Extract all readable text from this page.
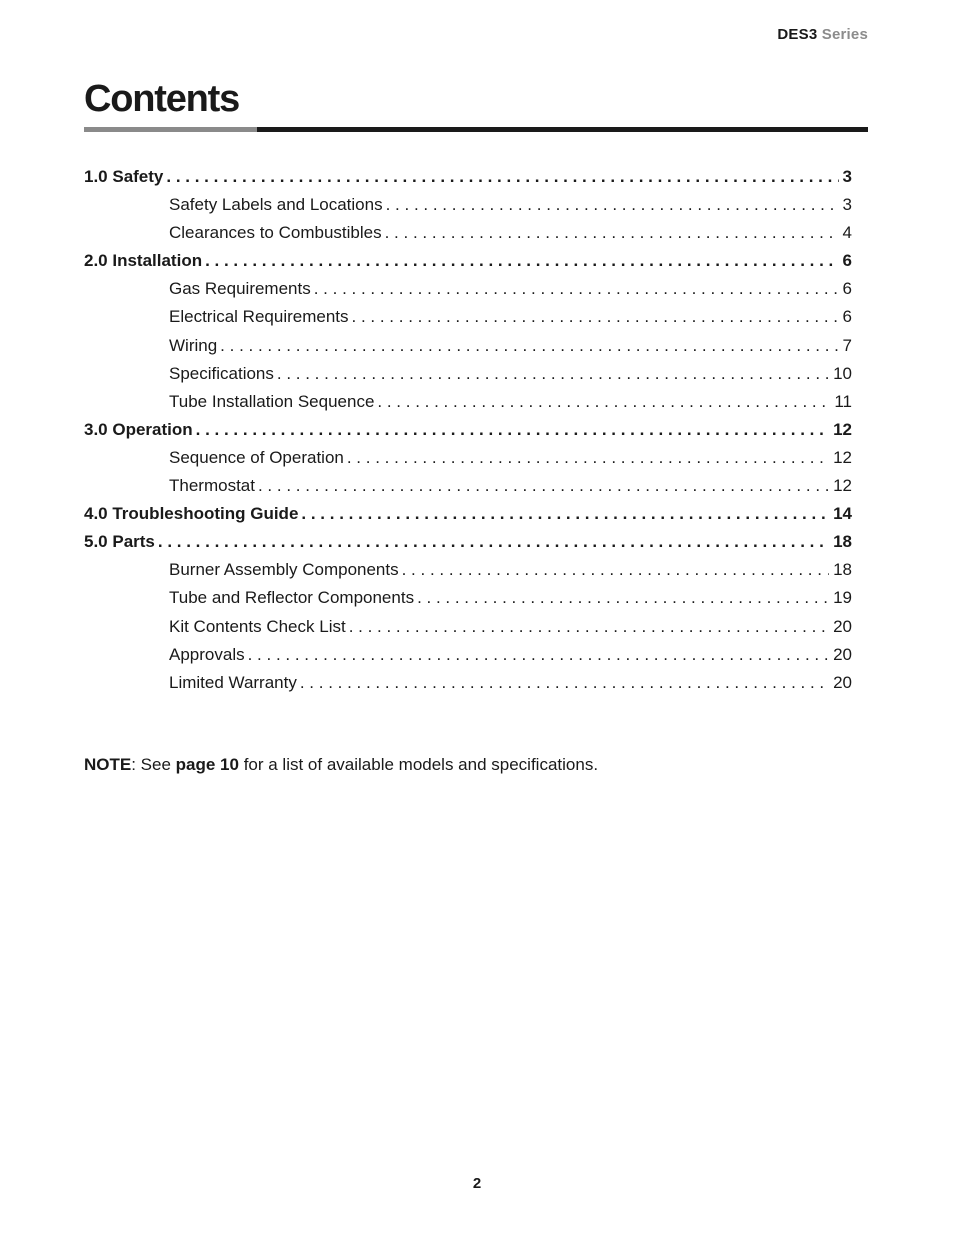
DES3 Series
Contents
1.0 Safety . . .	3
Safety Labels and Locations . . .	3
Clearances to Combustibles . . .	4
2.0 Installation . . .	6
Gas Requirements . . .	6
Electrical Requirements . . .	6
Wiring . . .	7
Specifications . . .	10
Tube Installation Sequence . . .	11
3.0 Operation . . .	12
Sequence of Operation . . .	12
Thermostat . . .	12
4.0 Troubleshooting Guide . . .	14
5.0 Parts . . .	18
Burner Assembly Components . . .	18
Tube and Reflector Components . . .	19
Kit Contents Check List . . .	20
Approvals . . .	20
Limited Warranty . . .	20

NOTE: See page 10 for a list of available models and specifications.

2
